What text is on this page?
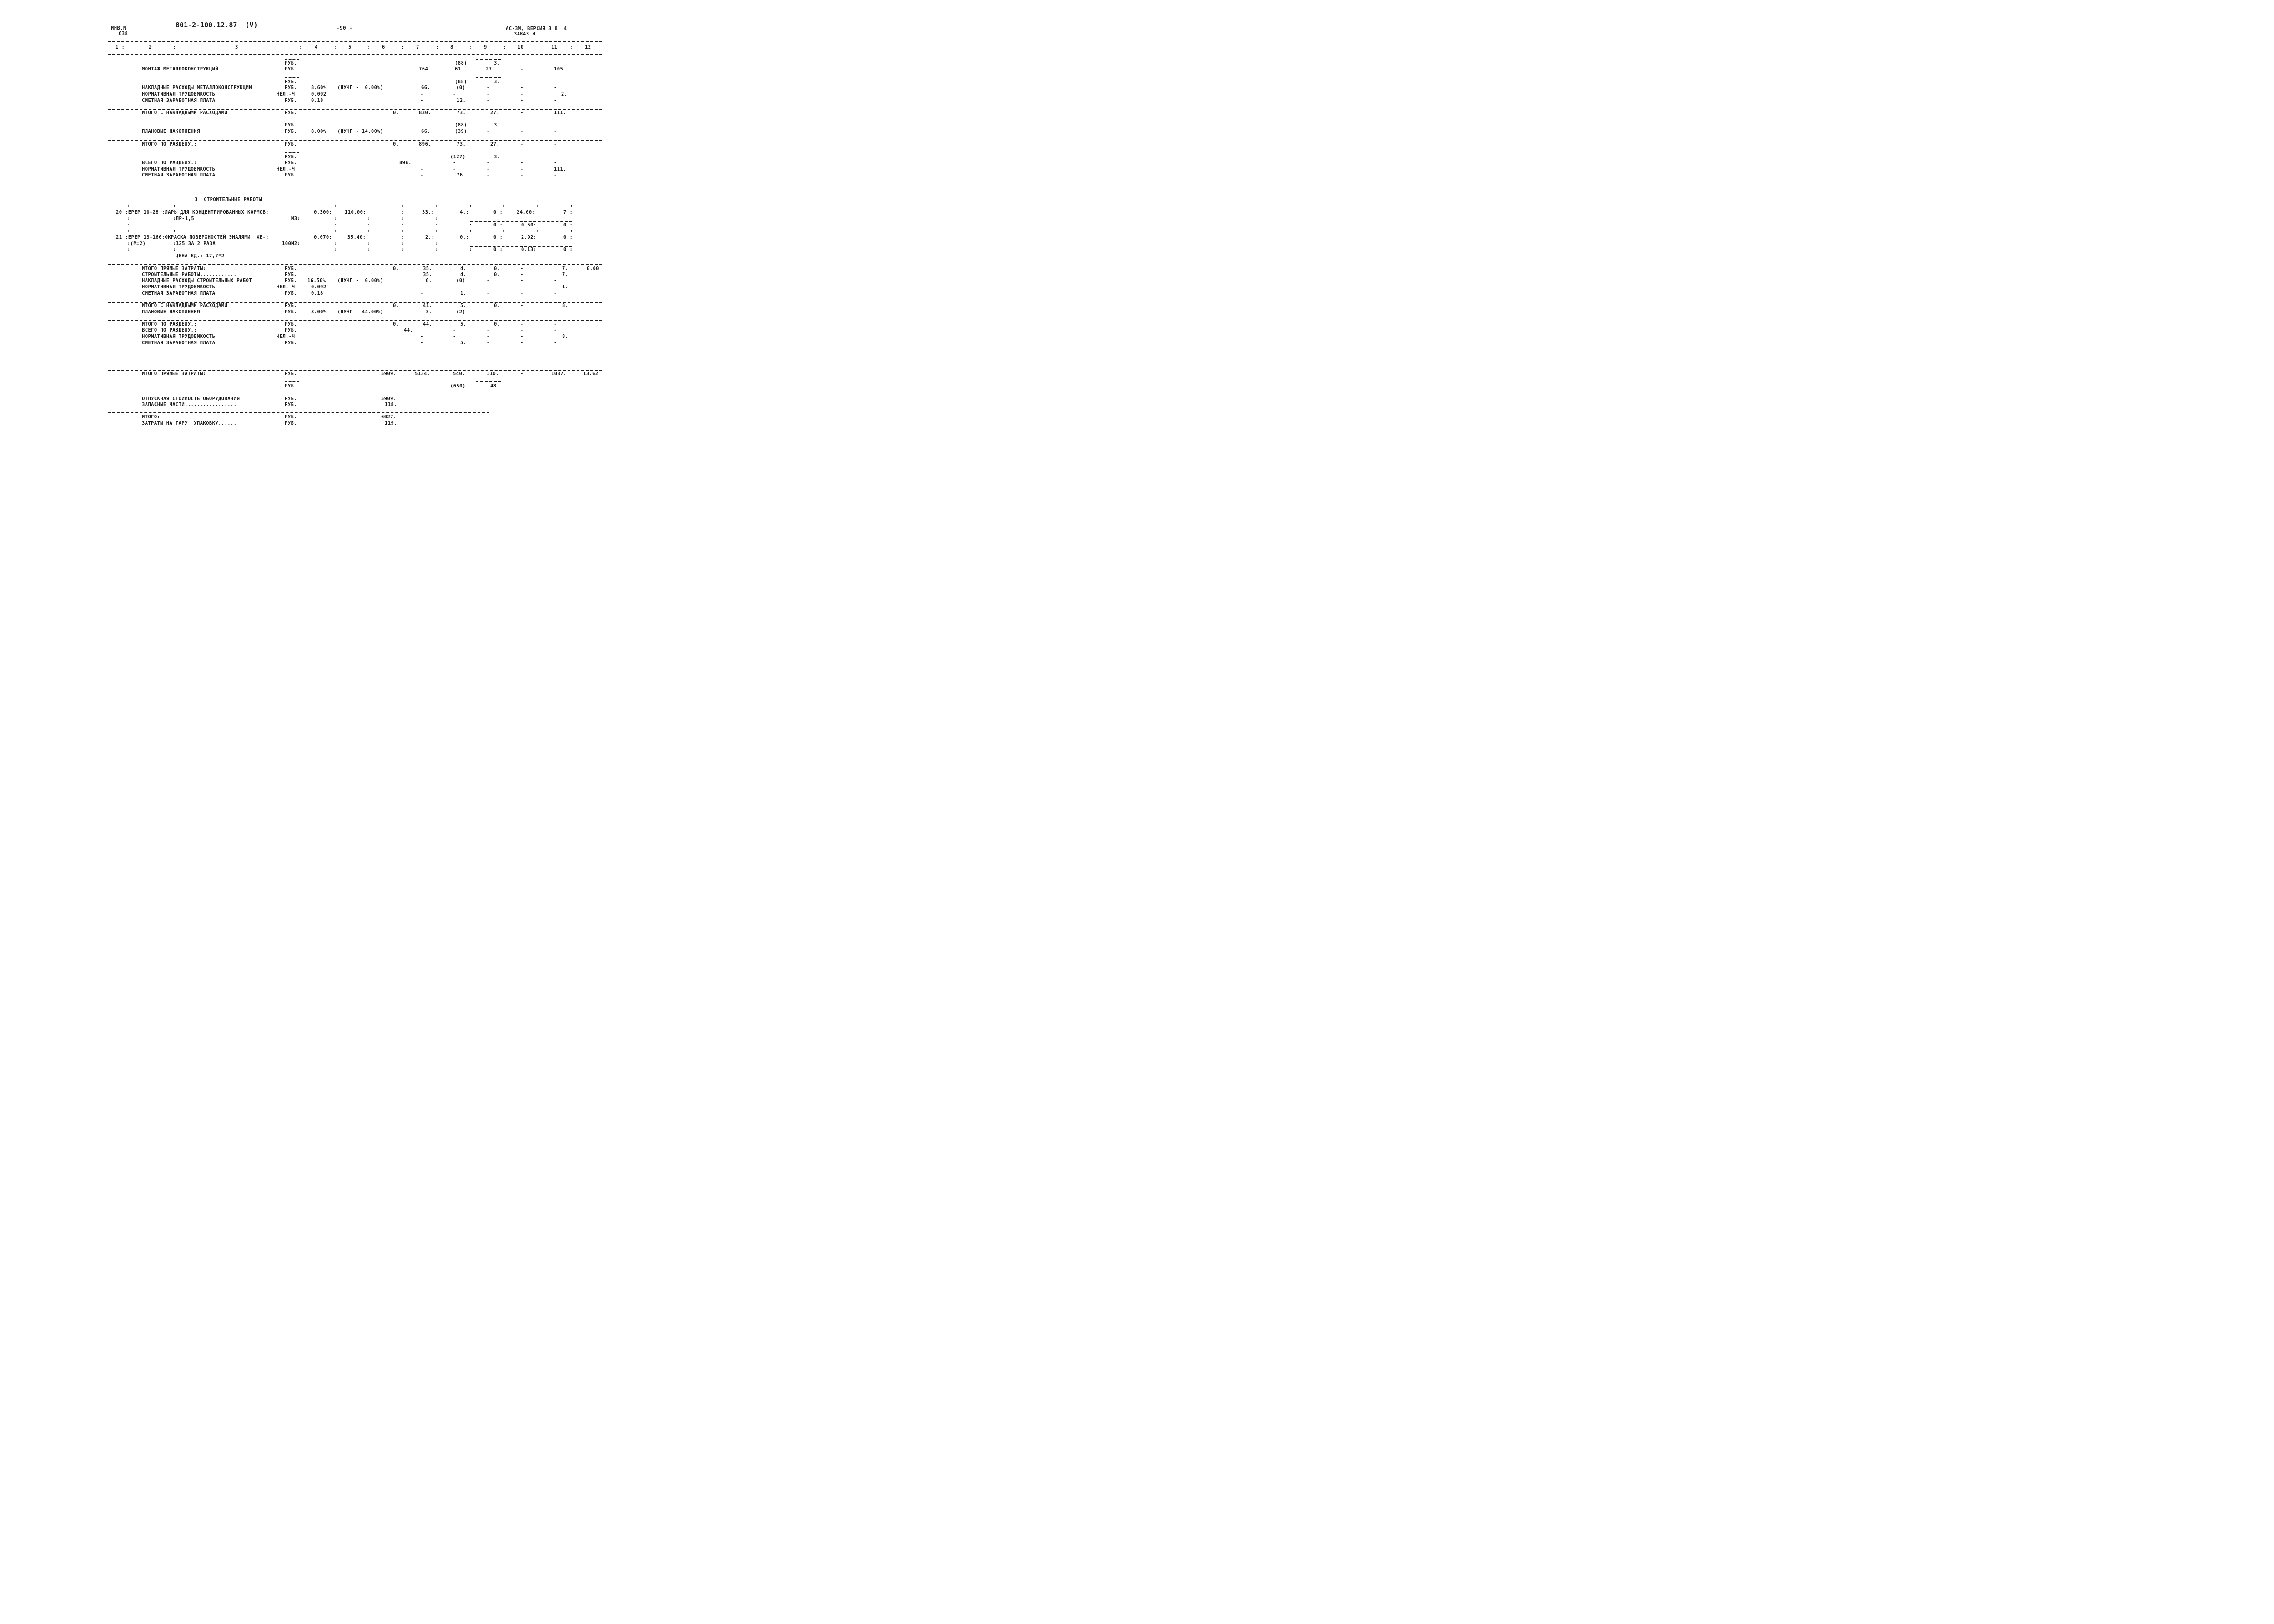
ИНВ.N
638
801-2-100.12.87  (V)	-90 -	АС-3М, ВЕРСИЯ 3.8  4
ЗАКАЗ N
1 :	2	:	3	:	4	: 5	: 6	:	7	: 8	: 9	: 10	: 11	: 12
РУБ.	(88)	3.
МОНТАЖ МЕТАЛЛОКОНСТРУКЦИЙ.......	РУБ.	764.	61.	27.	-	105.
РУБ.	(88)	3.
НАКЛАДНЫЕ РАСХОДЫ МЕТАЛЛОКОНСТРУКЦИЙ	РУБ.	8.60% (НУЧП -  0.00%)	66.	(0)	-	-	-
НОРМАТИВНАЯ ТРУДОЕМКОСТЬ	ЧЕЛ.-Ч	0.092	-	-	-	-	2.
СМЕТНАЯ ЗАРАБОТНАЯ ПЛАТА	РУБ.	0.18	-	12.	-	-	-
ИТОГО С НАКЛАДНЫМИ РАСХОДАМИ	РУБ.	0.	830.	73.	27.	-	111.
РУБ.	(88)	3.
ПЛАНОВЫЕ НАКОПЛЕНИЯ	РУБ.	8.00% (НУЧП - 14.00%)	66.	(39)	-	-	-
ИТОГО ПО РАЗДЕЛУ.:	РУБ.	0.	896.	73.	27.	-	-
РУБ.	(127)	3.
ВСЕГО ПО РАЗДЕЛУ.:	РУБ.	896.	-	-	-	-
НОРМАТИВНАЯ ТРУДОЕМКОСТЬ	ЧЕЛ.-Ч	-	-	-	-	111.
СМЕТНАЯ ЗАРАБОТНАЯ ПЛАТА	РУБ.	-	76.	-	-	-
3  СТРОИТЕЛЬНЫЕ РАБОТЫ
:	:	:	:	:	:	:	:	:
20 :ЕРЕР 10-28 :ЛАРЬ ДЛЯ КОНЦЕНТРИРОВАННЫХ КОРМОВ:	0.300:	110.00:	:	33.:	4.:	0.:	24.00:	7.:
:	:ЛР-1,5	М3:	:	:	:	:
:	:	:	:	:	:	0.:	0.50:	0.:
:	:	:	:	:	:	:	:	:	:
21 :ЕРЕР 13-160:ОКРАСКА ПОВЕРХНОСТЕЙ ЭМАЛЯМИ  ХВ-:	0.070:	35.40:	:	2.:	0.:	0.:	2.92:	0.:
:(М=2)	:125 ЗА 2 РАЗА	100М2:	:	:	:	:
:	:	:	:	:	:	:	0.:	0.13:	0.:
ЦЕНА ЕД.: 17,7*2
ИТОГО ПРЯМЫЕ ЗАТРАТЫ:	РУБ.	0.	35.	4.	0.	-	7.	0.00
СТРОИТЕЛЬНЫЕ РАБОТЫ............	РУБ.	35.	4.	0.	-	7.
НАКЛАДНЫЕ РАСХОДЫ СТРОИТЕЛЬНЫХ РАБОТ	РУБ. 16.50% (НУЧП -  0.00%)	6.	(0)	-	-	-
НОРМАТИВНАЯ ТРУДОЕМКОСТЬ	ЧЕЛ.-Ч	0.092	-	-	-	-	1.
СМЕТНАЯ ЗАРАБОТНАЯ ПЛАТА	РУБ.	0.18	-	1.	-	-	-
ИТОГО С НАКЛАДНЫМИ РАСХОДАМИ	РУБ.	0.	41.	5.	0.	-	8.
ПЛАНОВЫЕ НАКОПЛЕНИЯ	РУБ.	8.00% (НУЧП - 44.00%)	3.	(2)	-	-	-
ИТОГО ПО РАЗДЕЛУ.:	РУБ.	0.	44.	5.	0.	-	-
ВСЕГО ПО РАЗДЕЛУ.:	РУБ.	44.	-	-	-	-
НОРМАТИВНАЯ ТРУДОЕМКОСТЬ	ЧЕЛ.-Ч	-	-	-	-	8.
СМЕТНАЯ ЗАРАБОТНАЯ ПЛАТА	РУБ.	-	5.	-	-	-
ИТОГО ПРЯМЫЕ ЗАТРАТЫ:	РУБ.	5909.	5134.	540.	110.	-	1037.	13.62
РУБ.	(650)	48.
ОТПУСКНАЯ СТОИМОСТЬ ОБОРУДОВАНИЯ	РУБ.	5909.
ЗАПАСНЫЕ ЧАСТИ.................	РУБ.	118.
ИТОГО:	РУБ.	6027.
ЗАТРАТЫ НА ТАРУ  УПАКОВКУ......	РУБ.	119.
